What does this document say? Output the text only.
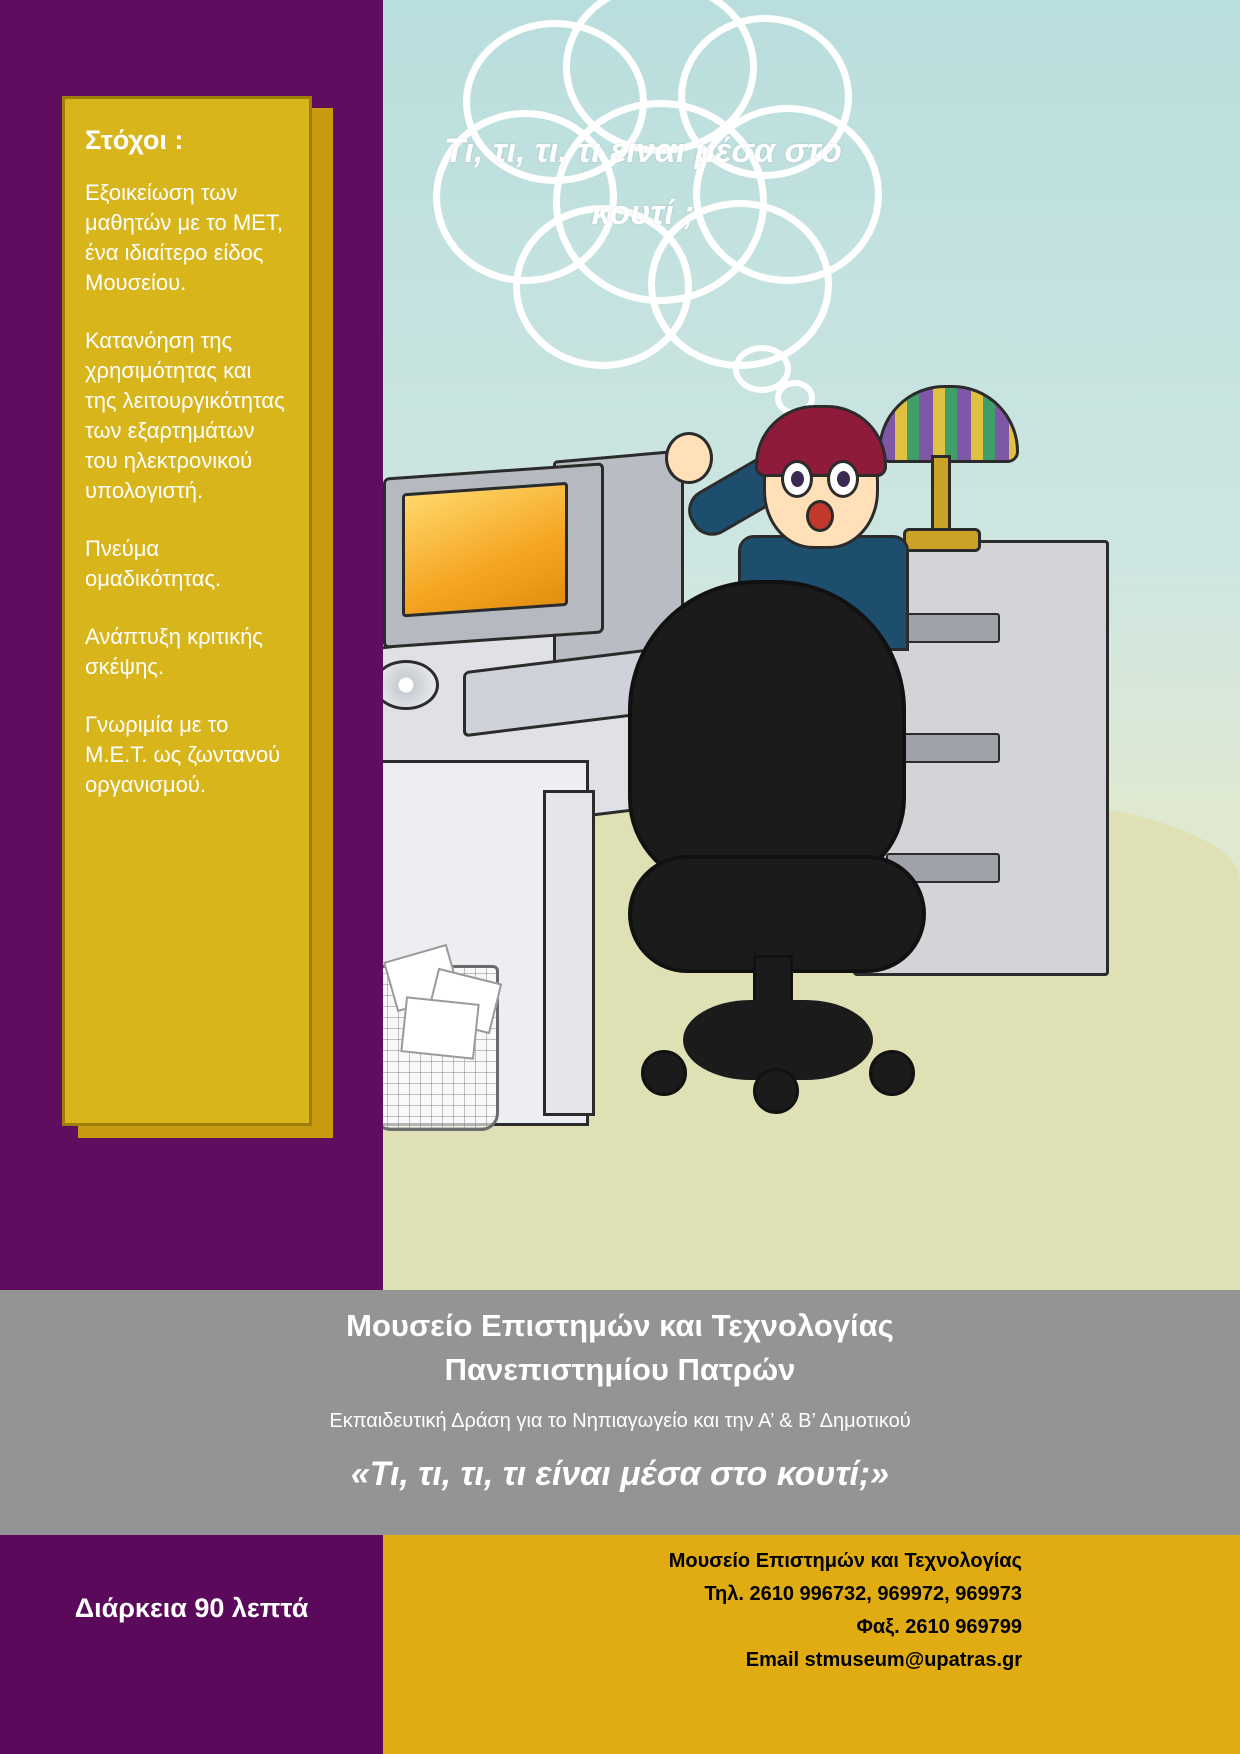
Τι, τι, τι, τι είναι μέσα στο κουτί ;

Στόχοι :

Εξοικείωση των μαθητών με το ΜΕΤ, ένα ιδιαίτερο είδος Μουσείου.

Κατανόηση της χρησιμότητας και της λειτουργικότητας των εξαρτημάτων του ηλεκτρονικού υπολογιστή.

Πνεύμα ομαδικότητας.

Ανάπτυξη κριτικής σκέψης.

Γνωριμία με το Μ.Ε.Τ. ως ζωντανού οργανισμού.

Μουσείο Επιστημών και Τεχνολογίας

Πανεπιστημίου Πατρών

Εκπαιδευτική Δράση για το Νηπιαγωγείο και την Α’ & Β’ Δημοτικού

«Τι, τι, τι, τι είναι μέσα στο κουτί;»

Διάρκεια 90 λεπτά
Μουσείο Επιστημών και Τεχνολογίας
Τηλ. 2610 996732, 969972, 969973
Φαξ. 2610 969799
Email stmuseum@upatras.gr
